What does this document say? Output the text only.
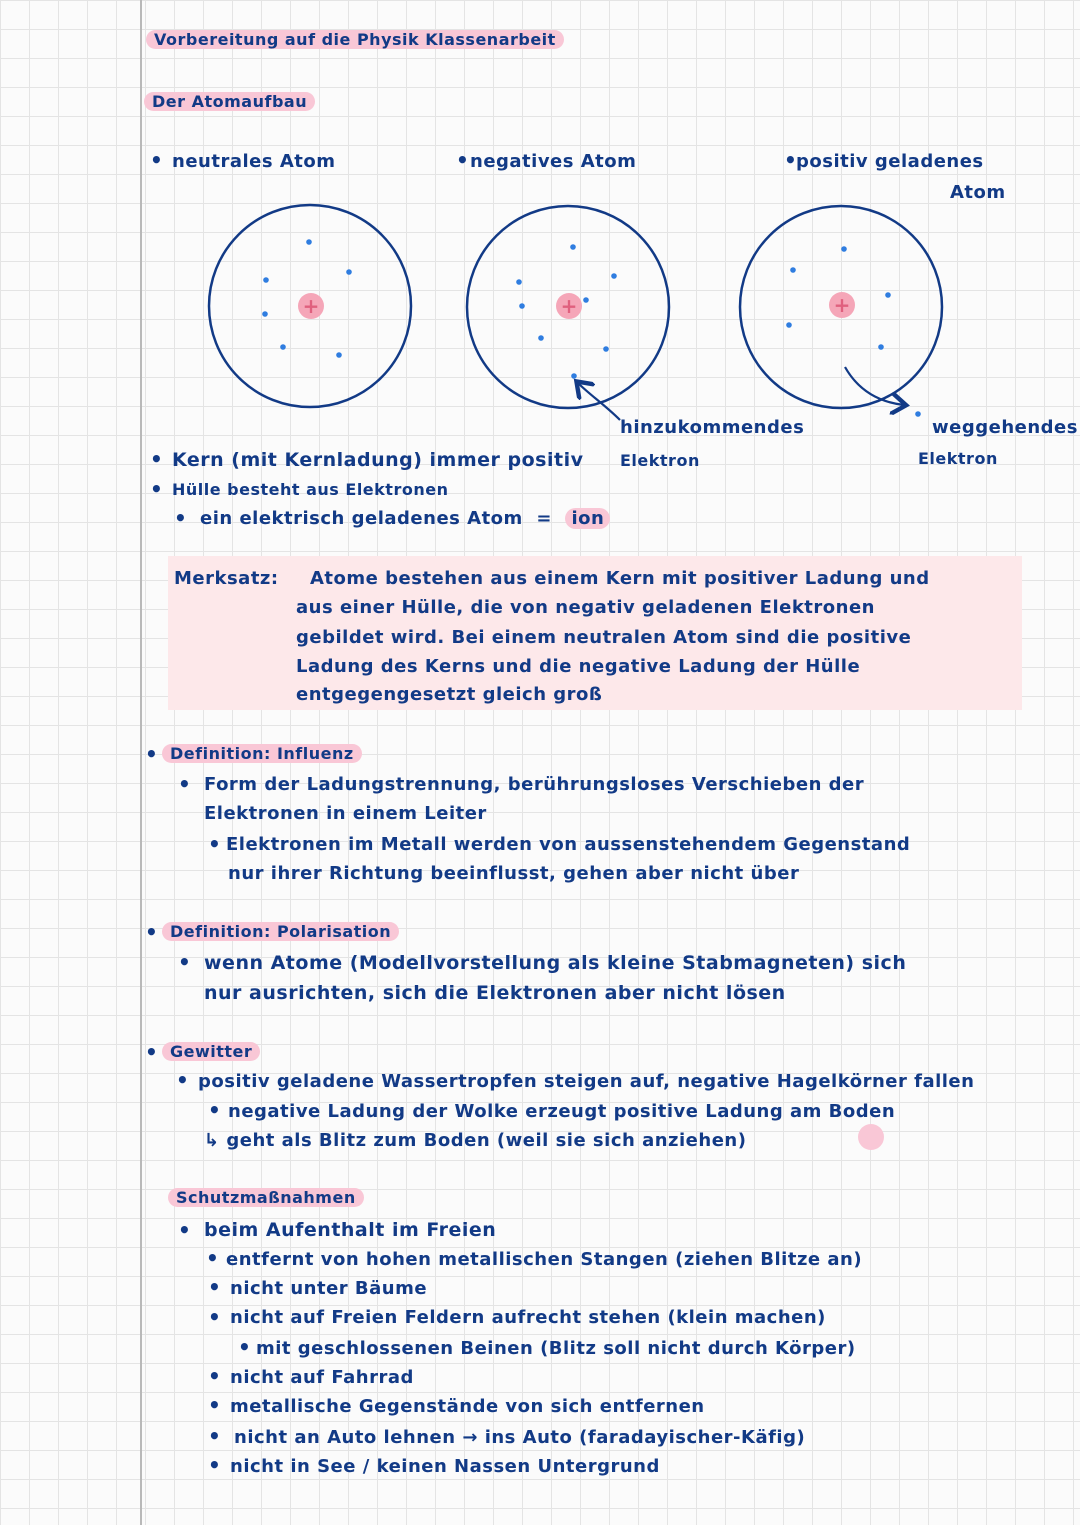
Vorbereitung auf die Physik Klassenarbeit
Der Atomaufbau
• neutrales Atom	• negatives Atom	• positiv geladenes
Atom
+	+	+
hinzukommendes
Elektron
weggehendes
Elektron
• Kern (mit Kernladung) immer positiv
• Hülle besteht aus Elektronen
• ein elektrisch geladenes Atom = ion
Merksatz: Atome bestehen aus einem Kern mit positiver Ladung und
aus einer Hülle, die von negativ geladenen Elektronen
gebildet wird. Bei einem neutralen Atom sind die positive
Ladung des Kerns und die negative Ladung der Hülle
entgegengesetzt gleich groß
• Definition: Influenz
• Form der Ladungstrennung, berührungsloses Verschieben der
Elektronen in einem Leiter
• Elektronen im Metall werden von aussenstehendem Gegenstand
nur ihrer Richtung beeinflusst, gehen aber nicht über
• Definition: Polarisation
• wenn Atome (Modellvorstellung als kleine Stabmagneten) sich
nur ausrichten, sich die Elektronen aber nicht lösen
• Gewitter
• positiv geladene Wassertropfen steigen auf, negative Hagelkörner fallen
• negative Ladung der Wolke erzeugt positive Ladung am Boden
↳ geht als Blitz zum Boden (weil sie sich anziehen)
Schutzmaßnahmen
• beim Aufenthalt im Freien
• entfernt von hohen metallischen Stangen (ziehen Blitze an)
• nicht unter Bäume
• nicht auf Freien Feldern aufrecht stehen (klein machen)
• mit geschlossenen Beinen (Blitz soll nicht durch Körper)
• nicht auf Fahrrad
• metallische Gegenstände von sich entfernen
• nicht an Auto lehnen → ins Auto (faradayischer-Käfig)
• nicht in See / keinen Nassen Untergrund
